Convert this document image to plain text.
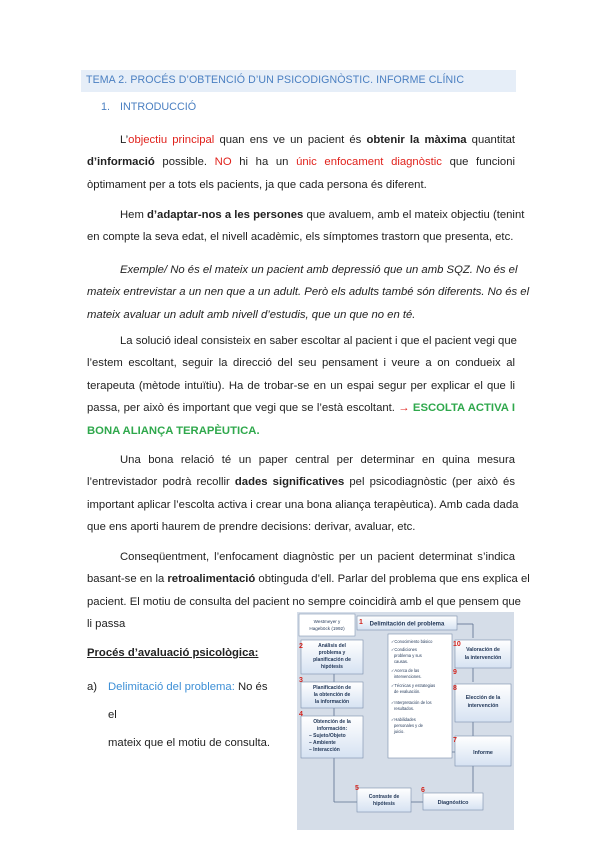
TEMA 2. PROCÉS D’OBTENCIÓ D’UN PSICODIGNÒSTIC. INFORME CLÍNIC
1. INTRODUCCIÓ
L’objectiu principal quan ens ve un pacient és obtenir la màxima quantitat
d’informació possible. NO hi ha un únic enfocament diagnòstic que funcioni
òptimament per a tots els pacients, ja que cada persona és diferent.
Hem d’adaptar-nos a les persones que avaluem, amb el mateix objectiu (tenint
en compte la seva edat, el nivell acadèmic, els símptomes trastorn que presenta, etc.
Exemple/ No és el mateix un pacient amb depressió que un amb SQZ. No és el
mateix entrevistar a un nen que a un adult. Però els adults també són diferents. No és el
mateix avaluar un adult amb nivell d’estudis, que un que no en té.
La solució ideal consisteix en saber escoltar al pacient i que el pacient vegi que
l’estem escoltant, seguir la direcció del seu pensament i veure a on condueix al
terapeuta (mètode intuïtiu). Ha de trobar-se en un espai segur per explicar el que li
passa, per això és important que vegi que se l’està escoltant. → ESCOLTA ACTIVA I
BONA ALIANÇA TERAPÈUTICA.
Una bona relació té un paper central per determinar en quina mesura
l’entrevistador podrà recollir dades significatives pel psicodiagnòstic (per això és
important aplicar l’escolta activa i crear una bona aliança terapèutica). Amb cada dada
que ens aporti haurem de prendre decisions: derivar, avaluar, etc.
Conseqüentment, l’enfocament diagnòstic per un pacient determinat s’indica
basant-se en la retroalimentació obtinguda d’ell. Parlar del problema que ens explica el
pacient. El motiu de consulta del pacient no sempre coincidirà amb el que pensem que
li passa
Procés d’avaluació psicològica:
a) Delimitació del problema: No és el
mateix que el motiu de consulta.
Westmeyer y
Hageböck (1992)
Delimitación del problema
1
Análisis del
problema y
planificación de
hipótesis
2
Planificación de
la obtención de
la información
3
Obtención de la
información:
– Sujeto/Objeto
– Ambiente
– Interacción
4
Contraste de
hipótesis
5
Diagnóstico
6
✓Conocimiento básico
✓Condiciones
problema y sus
causas.
✓Acerca de las
intervenciones.
✓Técnicas y estrategias
de evaluación.
✓Interpretación de los
resultados.
✓Habilidades
personales y de
juicio.
Valoración de
la intervención
10
Elección de la
intervención
8
9
Informe
7
